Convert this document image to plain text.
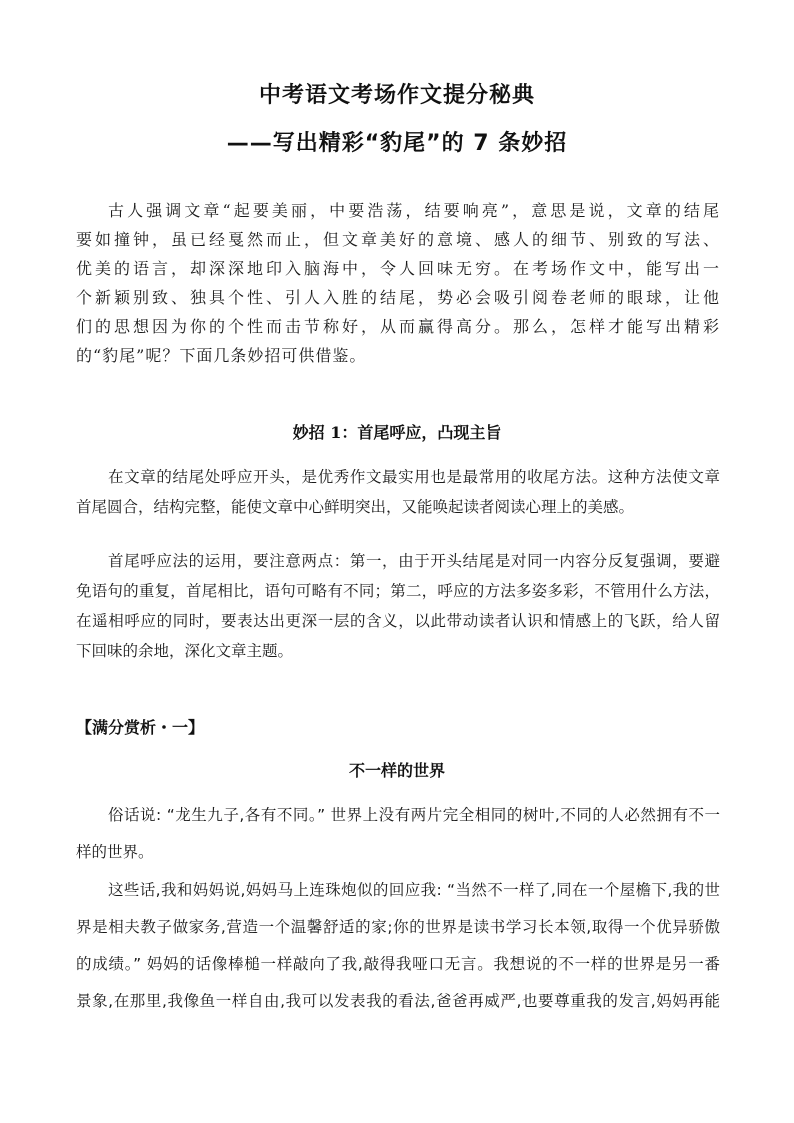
中考语文考场作文提分秘典
——写出精彩“豹尾”的 7 条妙招
古人强调文章“起要美丽，中要浩荡，结要响亮”，意思是说，文章的结尾
要如撞钟，虽已经戛然而止，但文章美好的意境、感人的细节、别致的写法、
优美的语言，却深深地印入脑海中，令人回味无穷。在考场作文中，能写出一
个新颖别致、独具个性、引人入胜的结尾，势必会吸引阅卷老师的眼球，让他
们的思想因为你的个性而击节称好，从而赢得高分。那么，怎样才能写出精彩
的“豹尾”呢？下面几条妙招可供借鉴。
妙招 1：首尾呼应，凸现主旨
在文章的结尾处呼应开头，是优秀作文最实用也是最常用的收尾方法。这种方法使文章
首尾圆合，结构完整，能使文章中心鲜明突出，又能唤起读者阅读心理上的美感。
首尾呼应法的运用，要注意两点：第一，由于开头结尾是对同一内容分反复强调，要避
免语句的重复，首尾相比，语句可略有不同；第二，呼应的方法多姿多彩，不管用什么方法，
在遥相呼应的同时，要表达出更深一层的含义，以此带动读者认识和情感上的飞跃，给人留
下回味的余地，深化文章主题。
【满分赏析・一】
不一样的世界
俗话说: “龙生九子,各有不同。” 世界上没有两片完全相同的树叶,不同的人必然拥有不一
样的世界。
这些话,我和妈妈说,妈妈马上连珠炮似的回应我: “当然不一样了,同在一个屋檐下,我的世
界是相夫教子做家务,营造一个温馨舒适的家;你的世界是读书学习长本领,取得一个优异骄傲
的成绩。” 妈妈的话像棒槌一样敲向了我,敲得我哑口无言。我想说的不一样的世界是另一番
景象,在那里,我像鱼一样自由,我可以发表我的看法,爸爸再威严,也要尊重我的发言,妈妈再能
